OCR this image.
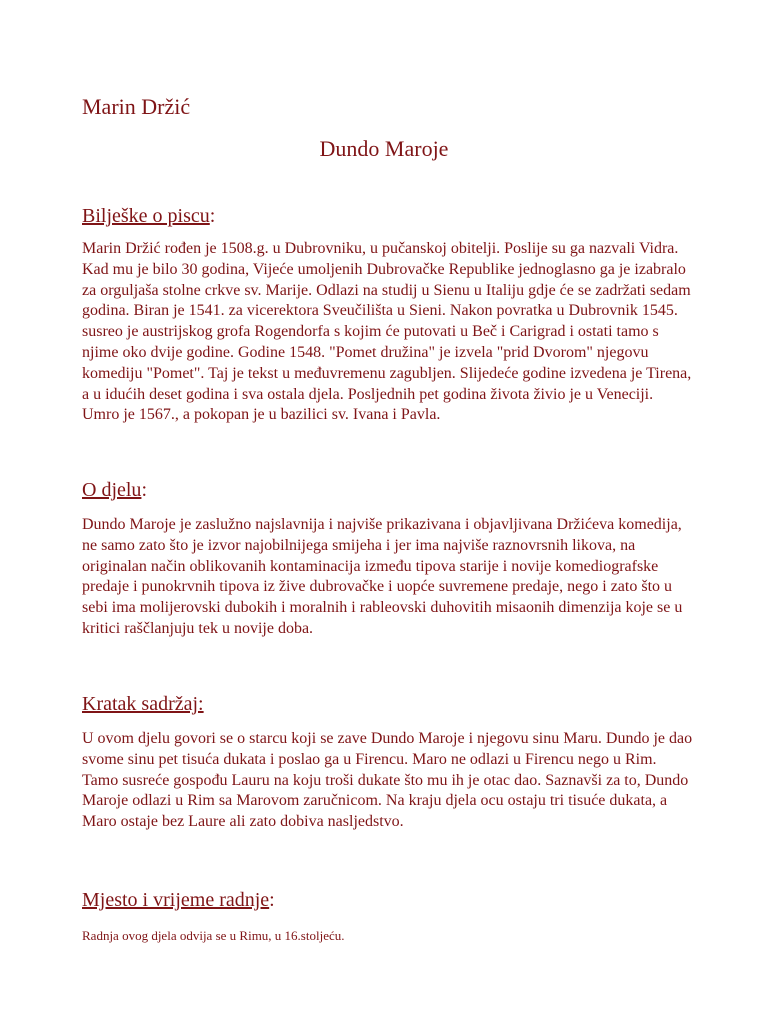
Marin Držić
Dundo Maroje
Bilješke o piscu:

Marin Držić rođen je 1508.g. u Dubrovniku, u pučanskoj obitelji. Poslije su ga nazvali Vidra. Kad mu je bilo 30 godina, Vijeće umoljenih Dubrovačke Republike jednoglasno ga je izabralo za orguljaša stolne crkve sv. Marije. Odlazi na studij u Sienu u Italiju gdje će se zadržati sedam godina. Biran je 1541. za vicerektora Sveučilišta u Sieni. Nakon povratka u Dubrovnik 1545. susreo je austrijskog grofa Rogendorfa s kojim će putovati u Beč i Carigrad i ostati tamo s njime oko dvije godine. Godine 1548. "Pomet družina" je izvela "prid Dvorom" njegovu komediju "Pomet". Taj je tekst u međuvremenu zagubljen. Slijedeće godine izvedena je Tirena, a u idućih deset godina i sva ostala djela. Posljednih pet godina života živio je u Veneciji. Umro je 1567., a pokopan je u bazilici sv. Ivana i Pavla.

O djelu:

Dundo Maroje je zaslužno najslavnija i najviše prikazivana i objavljivana Držićeva komedija, ne samo zato što je izvor najobilnijega smijeha i jer ima najviše raznovrsnih likova, na originalan način oblikovanih kontaminacija između tipova starije i novije komediografske predaje i punokrvnih tipova iz žive dubrovačke i uopće suvremene predaje, nego i zato što u sebi ima molijerovski dubokih i moralnih i rableovski duhovitih misaonih dimenzija koje se u kritici raščlanjuju tek u novije doba.

Kratak sadržaj:

U ovom djelu govori se o starcu koji se zave Dundo Maroje i njegovu sinu Maru. Dundo je dao svome sinu pet tisuća dukata i poslao ga u Firencu. Maro ne odlazi u Firencu nego u Rim. Tamo susreće gospođu Lauru na koju troši dukate što mu ih je otac dao. Saznavši za to, Dundo Maroje odlazi u Rim sa Marovom zaručnicom. Na kraju djela ocu ostaju tri tisuće dukata, a Maro ostaje bez Laure ali zato dobiva nasljedstvo.

Mjesto i vrijeme radnje:

Radnja ovog djela odvija se u Rimu, u 16.stoljeću.
